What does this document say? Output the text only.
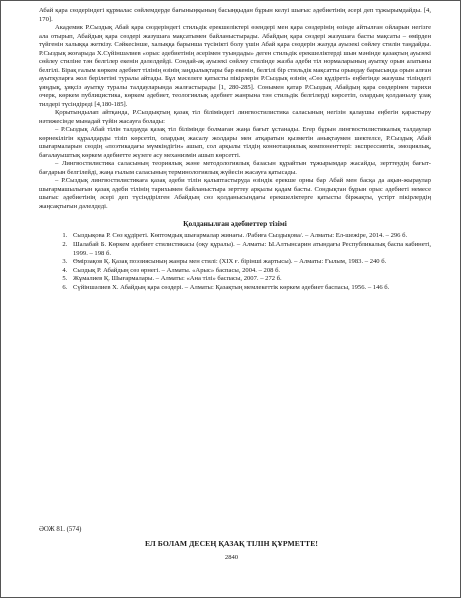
Абай қара сөздеріндегі құрмалас сөйлемдерде бағыныңқының басыңқыдан бұрын келуі шығыс әдебиетінің әсері деп тұжырымдайды. [4, 170].

Академик Р.Сыздық Абай қара сөздеріндегі стильдік ерекшеліктері өзендері мен қара сөздерінің өзінде айтылған ойларын негізге ала отырып, Абайдың қара сөздері жазушаға мақсатымен байланыстырады. Абайдың қара сөздері жазушаға басты мақсаты – өмірден түйгенін халыққа жеткізу. Сәйкесінше, халыққа барынша түсінікті болу үшін Абай қара сөздерін жазуда ауызекі сөйлеу стилін таңдайды. Р.Сыздық жоғарыда Х.Сүйіншәлиев «орыс әдебиетінің әсерімен туындады» деген стильдік ерекшеліктерді шын мәнінде қазақтың ауызекі сөйлеу стиліне тән белгілер екенін дәлелдейді. Сондай-ақ ауызекі сөйлеу стилінде жазба әдеби тіл нормаларының ауытқу орын алатыны белгілі. Бірақ ғалым көркем әдебиет тілінің өзінің заңдылықтары бар екенін, белгілі бір стильдік мақсатты орындау барысында орын алған ауытқуларға жол берілетіні туралы айтады. Бұл мәселеге қатысты пікірлерін Р.Сыздық өзінің «Сөз құдіреті» еңбегінде жазушы тіліндегі ұяңдық, ұяқсіз ауытқу туралы талдауларында жалғастырады [1, 280-285]. Сонымен қатар Р.Сыздық Абайдың қара сөздерінен тарихи очерк, көркем публицистика, көркем әдебиет, теологиялық әдебиет жанрына тән стильдік белгілерді көрсетіп, олардың қолданылу ұзақ тилдері түсіндіреді [4,180-185].

Қорытындылап айтқанда, Р.Сыздықтың қазақ тіл біліміндегі лингвостилистика саласының негізін қалаушы еңбегін қарастыру нәтижесінде мынадай түйін жасауға болады:

– Р.Сыздық Абай тілін талдауда қазақ тіл білімінде болмаған жаңа бағыт ұстанады. Егер бұрын лингвостилистикалық талдаулар көрнекілігін құралдарды тізіп көрсетіп, олардың жасалу жолдары мен атқаратын қызметін анықтаумен шектелсе, Р.Сыздық Абай шығармаларын сөздің «поэтикадағы мүмкіндігін» ашып, сол арқылы тілдің коннотациялық компоненттері: экспрессивтік, эмоциялық, бағалауыштық көркем әдебиетте жүзеге асу механизмін ашып көрсетті.

– Лингвостилистика саласының теориялық және методологиялық базасын құрайтын тұжырымдар жасайды, зерттеудің бағыт-бағдарын белгілейді, жаңа ғылым саласының терминологиялық жүйесін жасауға қатысады.

– Р.Сыздық лингвостилистикаға қазақ әдеби тілін қалыптастыруда өзіндік ерекше орны бар Абай мен басқа да ақын-жыраулар шығармашылығын қазақ әдеби тілінің тарихымен байланыстыра зерттеу арқылы қадам басты. Сондықтан бұрын орыс әдебиеті немесе шығыс әдебиетінің әсері деп түсіндірілген Абайдың сөз қолданысындағы ерекшеліктерге қатысты біржақты, үстірт пікірлердің жаңсақтығын дәлелдеді.

Қолданылған әдебиеттер тізімі
1. Сыздықова Р. Сөз құдіреті. Көптомдық шығармалар жинағы. /Рабиға Сыздықова/. – Алматы: Ел-шежіре, 2014. – 296 б.
2. Шалабай Б. Көркем әдебиет стилистикасы (оқу құралы). – Алматы: Ы.Алтынсарин атындағы Республикалық баспа кабинеті, 1999. – 198 б.
3. Өмірзақов Қ. Қазақ поэзиясының жанры мен стилі: (XIX ғ. бірінші жартысы). – Алматы: Ғылым, 1983. – 240 б.
4. Сыздық Р. Абайдың сөз өрнегі. – Алматы. «Арыс» баспасы, 2004. – 208 б.
5. Жұмалиев Қ. Шығармалары. – Алматы: «Ана тілі» баспасы, 2007. – 272 б.
6. Сүйіншәлиев Х. Абайдың қара сөздері. – Алматы: Қазақтың мемлекеттік көркем әдебиет баспасы, 1956. – 146 б.
ӘОЖ 81. (574)
ЕЛ БОЛАМ ДЕСЕҢ ҚАЗАҚ ТІЛІН ҚҰРМЕТТЕ!
2840
